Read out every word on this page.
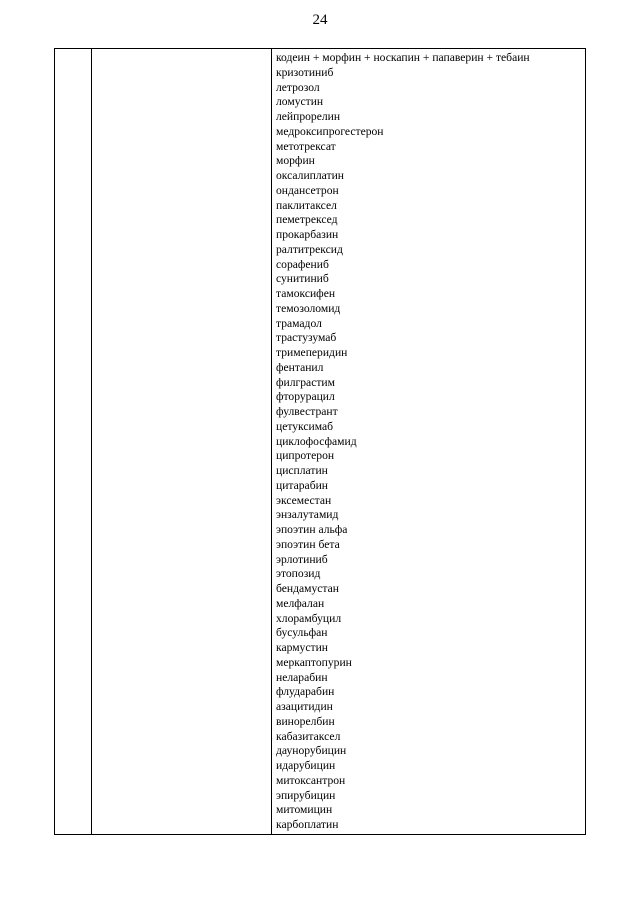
24
кодеин + морфин + носкапин + папаверин + тебаин
кризотиниб
летрозол
ломустин
лейпрорелин
медроксипрогестерон
метотрексат
морфин
оксалиплатин
ондансетрон
паклитаксел
пеметрексед
прокарбазин
ралтитрексид
сорафениб
сунитиниб
тамоксифен
темозоломид
трамадол
трастузумаб
тримеперидин
фентанил
филграстим
фторурацил
фулвестрант
цетуксимаб
циклофосфамид
ципротерон
цисплатин
цитарабин
эксеместан
энзалутамид
эпоэтин альфа
эпоэтин бета
эрлотиниб
этопозид
бендамустан
мелфалан
хлорамбуцил
бусульфан
кармустин
меркаптопурин
неларабин
флударабин
азацитидин
винорелбин
кабазитаксел
даунорубицин
идарубицин
митоксантрон
эпирубицин
митомицин
карбоплатин
